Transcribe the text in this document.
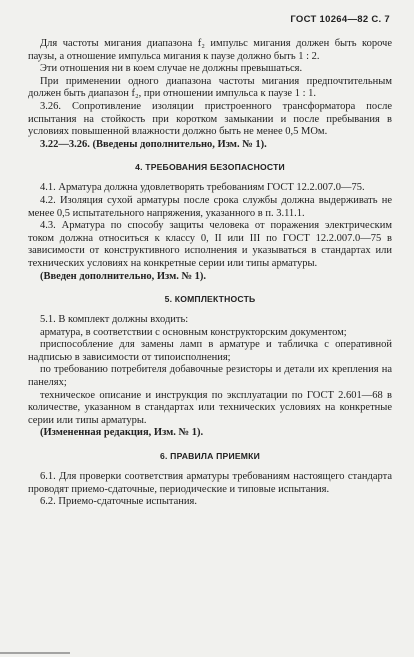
ГОСТ 10264—82 С. 7

Для частоты мигания диапазона f₂ импульс мигания должен быть короче паузы, а отношение импульса мигания к паузе должно быть 1 : 2.

Эти отношения ни в коем случае не должны превышаться.

При применении одного диапазона частоты мигания предпочтительным должен быть диапазон f₂, при отношении импульса к паузе 1 : 1.

3.26. Сопротивление изоляции пристроенного трансформатора после испытания на стойкость при коротком замыкании и после пребывания в условиях повышенной влажности должно быть не менее 0,5 МОм.

3.22—3.26. (Введены дополнительно, Изм. № 1).

4. ТРЕБОВАНИЯ БЕЗОПАСНОСТИ

4.1. Арматура должна удовлетворять требованиям ГОСТ 12.2.007.0—75.

4.2. Изоляция сухой арматуры после срока службы должна выдерживать не менее 0,5 испытательного напряжения, указанного в п. 3.11.1.

4.3. Арматура по способу защиты человека от поражения электрическим током должна относиться к классу 0, II или III по ГОСТ 12.2.007.0—75 в зависимости от конструктивного исполнения и указываться в стандартах или технических условиях на конкретные серии или типы арматуры.

(Введен дополнительно, Изм. № 1).

5. КОМПЛЕКТНОСТЬ

5.1. В комплект должны входить:

арматура, в соответствии с основным конструкторским документом;

приспособление для замены ламп в арматуре и табличка с оперативной надписью в зависимости от типоисполнения;

по требованию потребителя добавочные резисторы и детали их крепления на панелях;

техническое описание и инструкция по эксплуатации по ГОСТ 2.601—68 в количестве, указанном в стандартах или технических условиях на конкретные серии или типы арматуры.

(Измененная редакция, Изм. № 1).

6. ПРАВИЛА ПРИЕМКИ

6.1. Для проверки соответствия арматуры требованиям настоящего стандарта проводят приемо-сдаточные, периодические и типовые испытания.

6.2. Приемо-сдаточные испытания.
